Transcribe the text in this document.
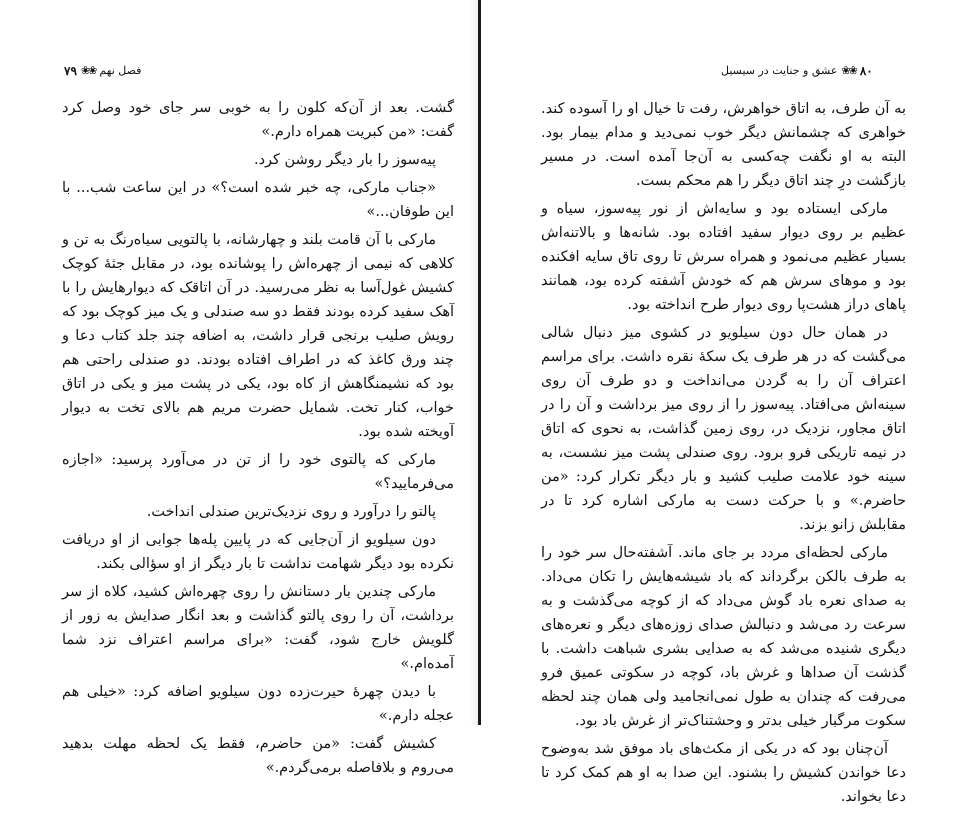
۷۹ ❀❀ فصل نهم

گشت. بعد از آن‌که کلون را به خوبی سر جای خود وصل کرد گفت: «من کبریت همراه دارم.»

پیه‌سوز را بار دیگر روشن کرد.

«جناب مارکی، چه خبر شده است؟» در این ساعت شب... با این طوفان...»

مارکی با آن قامت بلند و چهارشانه، با پالتویی سیاه‌رنگ به تن و کلاهی که نیمی از چهره‌اش را پوشانده بود، در مقابل جثهٔ کوچک کشیش غول‌آسا به نظر می‌رسید. در آن اتاقک که دیوارهایش را با آهک سفید کرده بودند فقط دو سه صندلی و یک میز کوچک بود که رویش صلیب برنجی قرار داشت، به اضافه چند جلد کتاب دعا و چند ورق کاغذ که در اطراف افتاده بودند. دو صندلی راحتی هم بود که نشیمنگاهش از کاه بود، یکی در پشت میز و یکی در اتاق خواب، کنار تخت. شمایل حضرت مریم هم بالای تخت به دیوار آویخته شده بود.

مارکی که پالتوی خود را از تن در می‌آورد پرسید: «اجازه می‌فرمایید؟»

پالتو را درآورد و روی نزدیک‌ترین صندلی انداخت.

دون سیلویو از آن‌جایی که در پایین پله‌ها جوابی از او دریافت نکرده بود دیگر شهامت نداشت تا بار دیگر از او سؤالی بکند.

مارکی چندین بار دستانش را روی چهره‌اش کشید، کلاه از سر برداشت، آن را روی پالتو گذاشت و بعد انگار صدایش به زور از گلویش خارج شود، گفت: «برای مراسم اعتراف نزد شما آمده‌ام.»

با دیدن چهرهٔ حیرت‌زده دون سیلویو اضافه کرد: «خیلی هم عجله دارم.»

کشیش گفت: «من حاضرم، فقط یک لحظه مهلت بدهید می‌روم و بلافاصله برمی‌گردم.»

۸۰
❀❀
عشق و جنایت در سیسیل

به آن طرف، به اتاق خواهرش، رفت تا خیال او را آسوده کند. خواهری که چشمانش دیگر خوب نمی‌دید و مدام بیمار بود. البته به او نگفت چه‌کسی به آن‌جا آمده است. در مسیر بازگشت درِ چند اتاق دیگر را هم محکم بست.

مارکی ایستاده بود و سایه‌اش از نور پیه‌سوز، سیاه و عظیم بر روی دیوار سفید افتاده بود. شانه‌ها و بالاتنه‌اش بسیار عظیم می‌نمود و همراه سرش تا روی تاق سایه افکنده بود و موهای سرش هم که خودش آشفته کرده بود، همانند پاهای دراز هشت‌پا روی دیوار طرح انداخته بود.

در همان حال دون سیلویو در کشوی میز دنبال شالی می‌گشت که در هر طرف یک سکهٔ نقره داشت. برای مراسم اعتراف آن را به گردن می‌انداخت و دو طرف آن روی سینه‌اش می‌افتاد. پیه‌سوز را از روی میز برداشت و آن را در اتاق مجاور، نزدیک در، روی زمین گذاشت، به نحوی که اتاق در نیمه تاریکی فرو برود. روی صندلی پشت میز نشست، به سینه خود علامت صلیب کشید و بار دیگر تکرار کرد: «من حاضرم.» و با حرکت دست به مارکی اشاره کرد تا در مقابلش زانو بزند.

مارکی لحظه‌ای مردد بر جای ماند. آشفته‌حال سر خود را به طرف بالکن برگرداند که باد شیشه‌هایش را تکان می‌داد. به صدای نعره باد گوش می‌داد که از کوچه می‌گذشت و به سرعت رد می‌شد و دنبالش صدای زوزه‌های دیگر و نعره‌های دیگری شنیده می‌شد که به صدایی بشری شباهت داشت. با گذشت آن صداها و غرش باد، کوچه در سکوتی عمیق فرو می‌رفت که چندان به طول نمی‌انجامید ولی همان چند لحظه سکوت مرگبار خیلی بدتر و وحشتناک‌تر از غرش باد بود.

آن‌چنان بود که در یکی از مکث‌های باد موفق شد به‌وضوح دعا خواندن کشیش را بشنود. این صدا به او هم کمک کرد تا دعا بخواند.
